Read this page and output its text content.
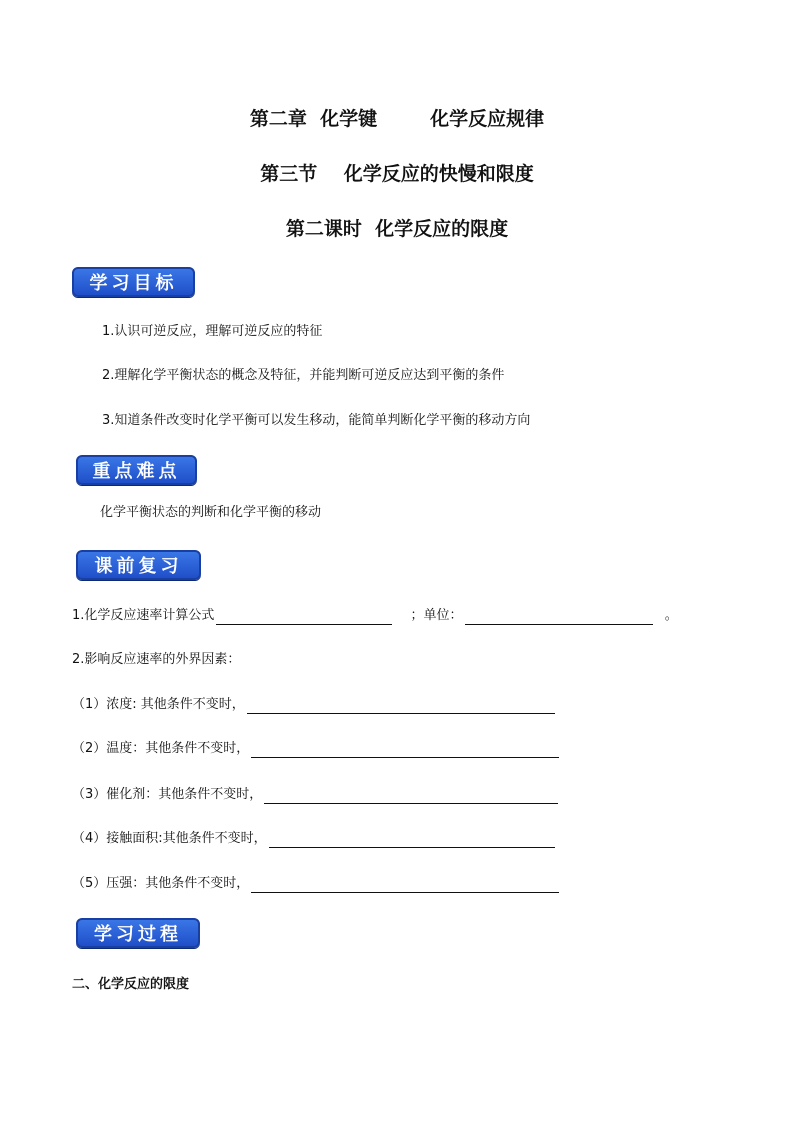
第二章  化学键        化学反应规律
第三节    化学反应的快慢和限度
第二课时  化学反应的限度
学习目标
1.认识可逆反应，理解可逆反应的特征
2.理解化学平衡状态的概念及特征，并能判断可逆反应达到平衡的条件
3.知道条件改变时化学平衡可以发生移动，能简单判断化学平衡的移动方向
重点难点
化学平衡状态的判断和化学平衡的移动
课前复习
1.化学反应速率计算公式	；单位：	。
2.影响反应速率的外界因素：
（1）浓度: 其他条件不变时，
（2）温度：其他条件不变时，
（3）催化剂：其他条件不变时，
（4）接触面积:其他条件不变时，
（5）压强：其他条件不变时，
学习过程
二、化学反应的限度
